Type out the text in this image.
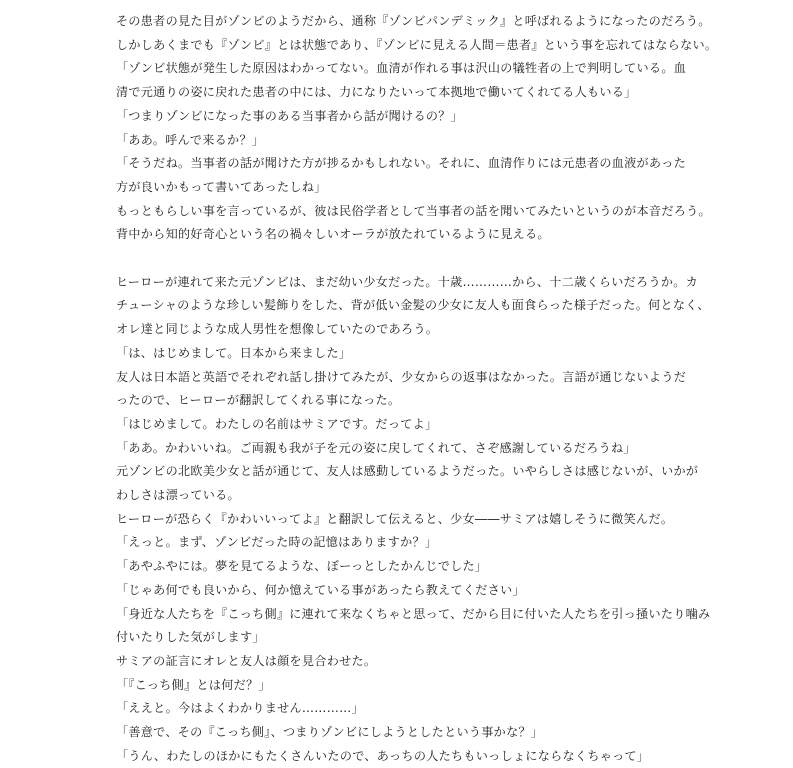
その患者の見た目がゾンビのようだから、通称『ゾンビパンデミック』と呼ばれるようになったのだろう。
しかしあくまでも『ゾンビ』とは状態であり、『ゾンビに見える人間＝患者』という事を忘れてはならない。
「ゾンビ状態が発生した原因はわかってない。血清が作れる事は沢山の犠牲者の上で判明している。血
清で元通りの姿に戻れた患者の中には、力になりたいって本拠地で働いてくれてる人もいる」
「つまりゾンビになった事のある当事者から話が聞けるの？」
「ああ。呼んで来るか？」
「そうだね。当事者の話が聞けた方が捗るかもしれない。それに、血清作りには元患者の血液があった
方が良いかもって書いてあったしね」
もっともらしい事を言っているが、彼は民俗学者として当事者の話を聞いてみたいというのが本音だろう。
背中から知的好奇心という名の禍々しいオーラが放たれているように見える。
ヒーローが連れて来た元ゾンビは、まだ幼い少女だった。十歳…………から、十二歳くらいだろうか。カ
チューシャのような珍しい髪飾りをした、背が低い金髪の少女に友人も面食らった様子だった。何となく、
オレ達と同じような成人男性を想像していたのであろう。
「は、はじめまして。日本から来ました」
友人は日本語と英語でそれぞれ話し掛けてみたが、少女からの返事はなかった。言語が通じないようだ
ったので、ヒーローが翻訳してくれる事になった。
「はじめまして。わたしの名前はサミアです。だってよ」
「ああ。かわいいね。ご両親も我が子を元の姿に戻してくれて、さぞ感謝しているだろうね」
元ゾンビの北欧美少女と話が通じて、友人は感動しているようだった。いやらしさは感じないが、いかが
わしさは漂っている。
ヒーローが恐らく『かわいいってよ』と翻訳して伝えると、少女――サミアは嬉しそうに微笑んだ。
「えっと。まず、ゾンビだった時の記憶はありますか？」
「あやふやには。夢を見てるような、ぼーっとしたかんじでした」
「じゃあ何でも良いから、何か憶えている事があったら教えてください」
「身近な人たちを『こっち側』に連れて来なくちゃと思って、だから目に付いた人たちを引っ掻いたり噛み
付いたりした気がします」
サミアの証言にオレと友人は顔を見合わせた。
「『こっち側』とは何だ？」
「ええと。今はよくわかりません…………」
「善意で、その『こっち側』、つまりゾンビにしようとしたという事かな？」
「うん、わたしのほかにもたくさんいたので、あっちの人たちもいっしょにならなくちゃって」
